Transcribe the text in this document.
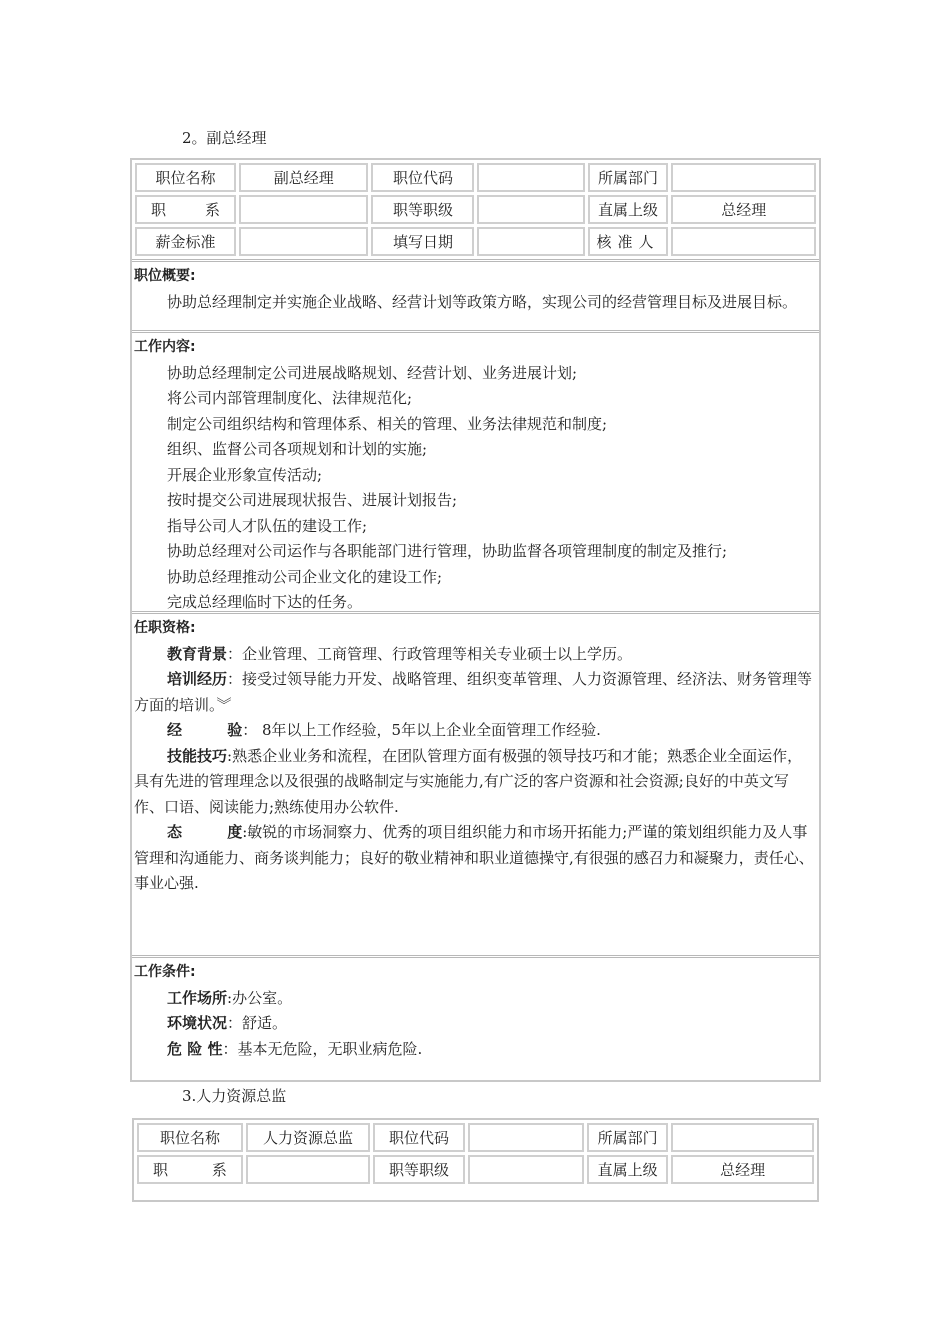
2。副总经理
职位名称	副总经理	职位代码		所属部门	

职 系		职等职级		直属上级	总经理
薪金标准		填写日期		核准人	
职位概要:
协助总经理制定并实施企业战略、经营计划等政策方略，实现公司的经营管理目标及进展目标。
工作内容:
协助总经理制定公司进展战略规划、经营计划、业务进展计划;
将公司内部管理制度化、法律规范化;
制定公司组织结构和管理体系、相关的管理、业务法律规范和制度;
组织、监督公司各项规划和计划的实施;
开展企业形象宣传活动;
按时提交公司进展现状报告、进展计划报告;
指导公司人才队伍的建设工作;
协助总经理对公司运作与各职能部门进行管理，协助监督各项管理制度的制定及推行;
协助总经理推动公司企业文化的建设工作;
完成总经理临时下达的任务。
任职资格:
教育背景：企业管理、工商管理、行政管理等相关专业硕士以上学历。
培训经历：接受过领导能力开发、战略管理、组织变革管理、人力资源管理、经济法、财务管理等方面的培训。︾
经 验： 8年以上工作经验，5年以上企业全面管理工作经验.
技能技巧:熟悉企业业务和流程，在团队管理方面有极强的领导技巧和才能；熟悉企业全面运作，具有先进的管理理念以及很强的战略制定与实施能力,有广泛的客户资源和社会资源;良好的中英文写作、口语、阅读能力;熟练使用办公软件.
态 度:敏锐的市场洞察力、优秀的项目组织能力和市场开拓能力;严谨的策划组织能力及人事管理和沟通能力、商务谈判能力；良好的敬业精神和职业道德操守,有很强的感召力和凝聚力，责任心、事业心强.
工作条件:
工作场所:办公室。
环境状况：舒适。
危 险 性：基本无危险，无职业病危险.
3.人力资源总监
职位名称	人力资源总监	职位代码		所属部门	

职 系		职等职级		直属上级	总经理
